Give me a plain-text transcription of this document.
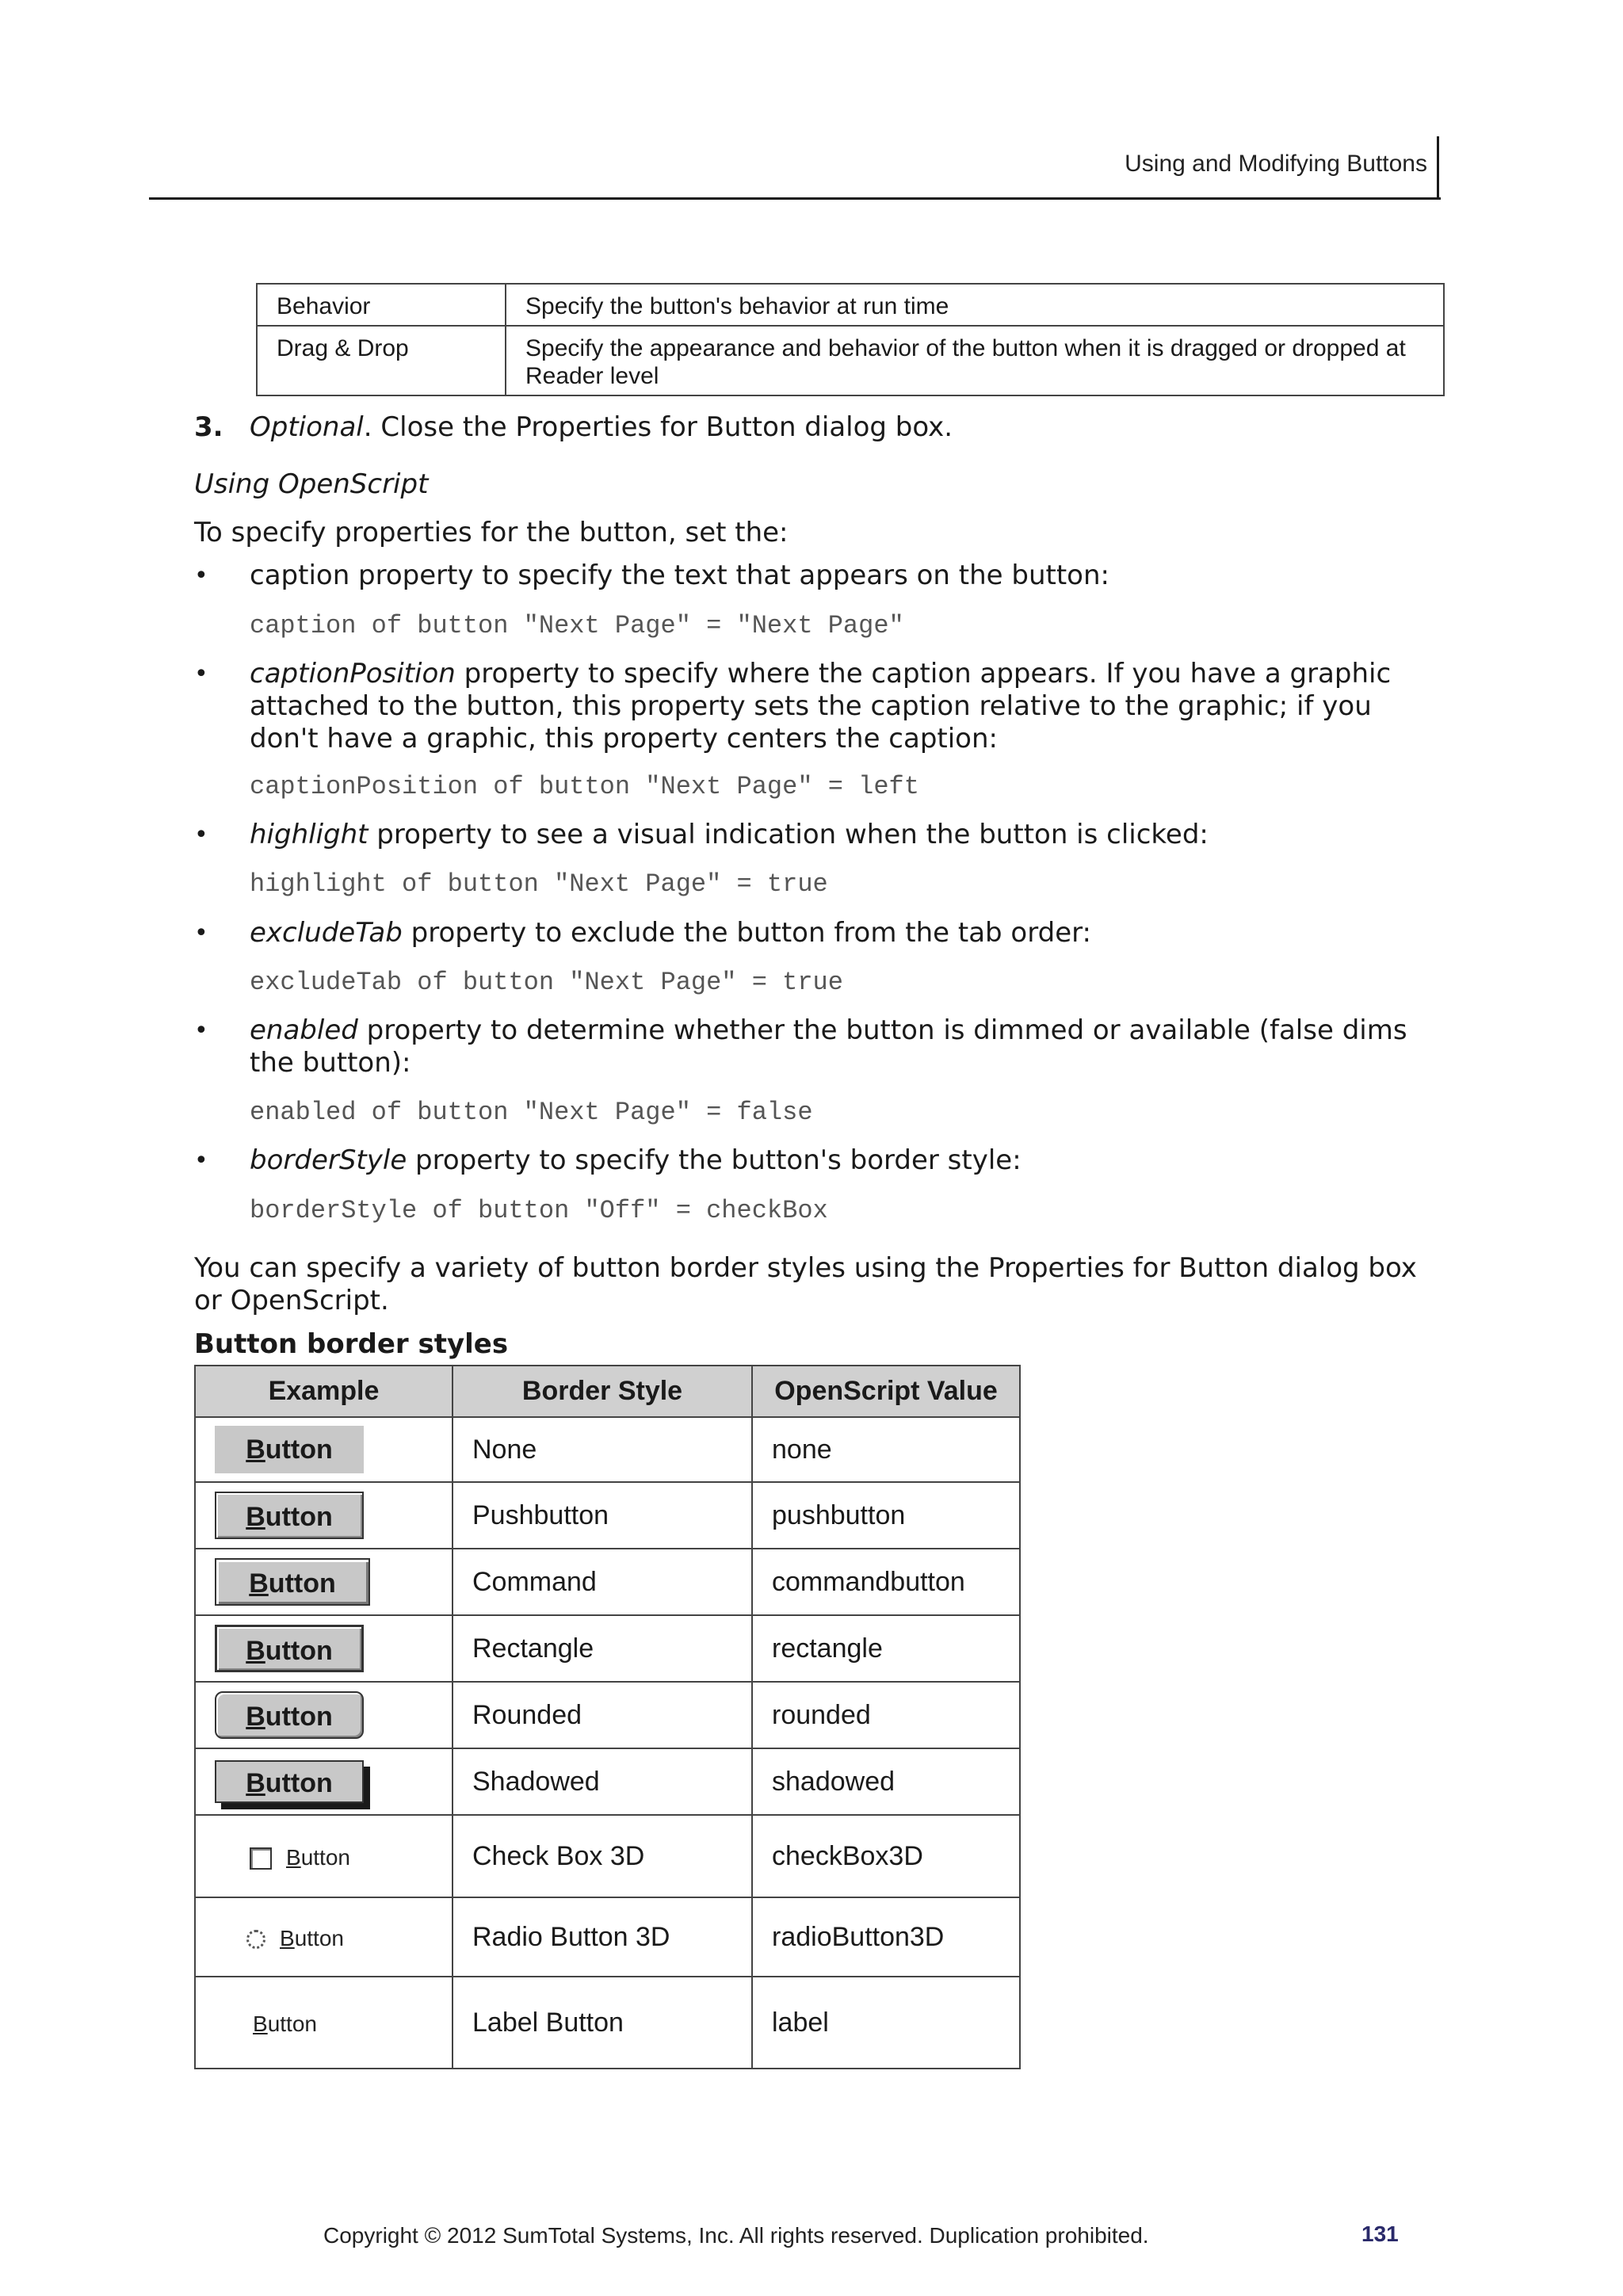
Using and Modifying Buttons
Behavior	Specify the button's behavior at run time
Drag & Drop	Specify the appearance and behavior of the button when it is dragged or dropped at Reader level
3. Optional. Close the Properties for Button dialog box.
Using OpenScript
To specify properties for the button, set the:
• caption property to specify the text that appears on the button:
caption of button "Next Page" = "Next Page"
• captionPosition property to specify where the caption appears. If you have a graphic attached to the button, this property sets the caption relative to the graphic; if you don't have a graphic, this property centers the caption:
captionPosition of button "Next Page" = left
• highlight property to see a visual indication when the button is clicked:
highlight of button "Next Page" = true
• excludeTab property to exclude the button from the tab order:
excludeTab of button "Next Page" = true
• enabled property to determine whether the button is dimmed or available (false dims the button):
enabled of button "Next Page" = false
• borderStyle property to specify the button's border style:
borderStyle of button "Off" = checkBox
You can specify a variety of button border styles using the Properties for Button dialog box or OpenScript.
Button border styles
Example	Border Style	OpenScript Value
Button	None	none
Button	Pushbutton	pushbutton
Button	Command	commandbutton
Button	Rectangle	rectangle
Button	Rounded	rounded
Button	Shadowed	shadowed
Button	Check Box 3D	checkBox3D
Button	Radio Button 3D	radioButton3D
Button	Label Button	label
Copyright © 2012 SumTotal Systems, Inc. All rights reserved. Duplication prohibited.	131
